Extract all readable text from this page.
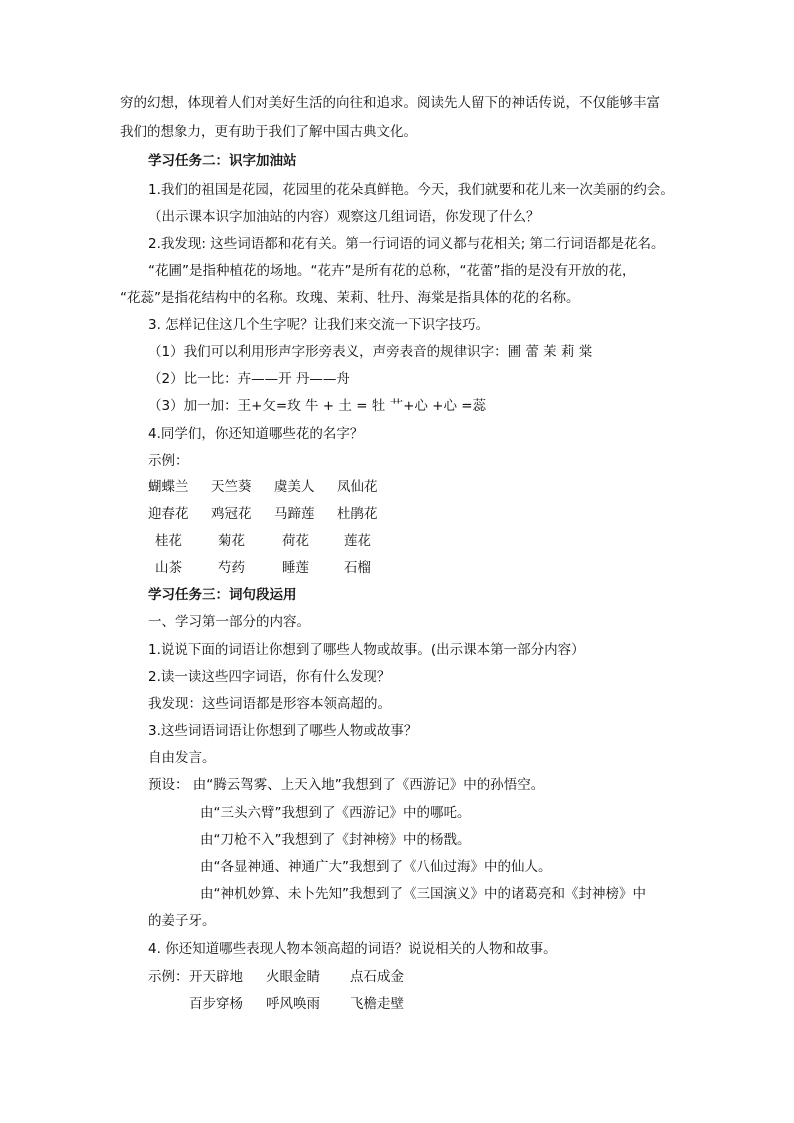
穷的幻想，体现着人们对美好生活的向往和追求。阅读先人留下的神话传说，不仅能够丰富
我们的想象力，更有助于我们了解中国古典文化。
学习任务二：识字加油站
1.我们的祖国是花园，花园里的花朵真鲜艳。今天，我们就要和花儿来一次美丽的约会。
（出示课本识字加油站的内容）观察这几组词语，你发现了什么？
2.我发现: 这些词语都和花有关。第一行词语的词义都与花相关; 第二行词语都是花名。
“花圃”是指种植花的场地。“花卉”是所有花的总称，“花蕾”指的是没有开放的花，
“花蕊”是指花结构中的名称。玫瑰、茉莉、牡丹、海棠是指具体的花的名称。
3. 怎样记住这几个生字呢？让我们来交流一下识字技巧。
（1）我们可以利用形声字形旁表义，声旁表音的规律识字：圃 蕾 茉 莉 棠
（2）比一比：卉——开 丹——舟
（3）加一加：王+攵=玫 牛 + 土 = 牡 ⺾+心 +心 =蕊
4.同学们，你还知道哪些花的名字？
示例：
蝴蝶兰 天竺葵 虞美人 凤仙花
迎春花 鸡冠花 马蹄莲 杜鹃花
桂花	菊花	荷花	莲花
山茶	芍药	睡莲	石榴
学习任务三：词句段运用
一、学习第一部分的内容。
1.说说下面的词语让你想到了哪些人物或故事。(出示课本第一部分内容）
2.读一读这些四字词语，你有什么发现？
我发现：这些词语都是形容本领高超的。
3.这些词语词语让你想到了哪些人物或故事？
自由发言。
预设： 由“腾云驾雾、上天入地”我想到了《西游记》中的孙悟空。
由“三头六臂”我想到了《西游记》中的哪吒。
由“刀枪不入”我想到了《封神榜》中的杨戬。
由“各显神通、神通广大”我想到了《八仙过海》中的仙人。
由“神机妙算、未卜先知”我想到了《三国演义》中的诸葛亮和《封神榜》中
的姜子牙。
4. 你还知道哪些表现人物本领高超的词语？说说相关的人物和故事。
示例： 开天辟地 火眼金睛 点石成金
百步穿杨 呼风唤雨 飞檐走壁
